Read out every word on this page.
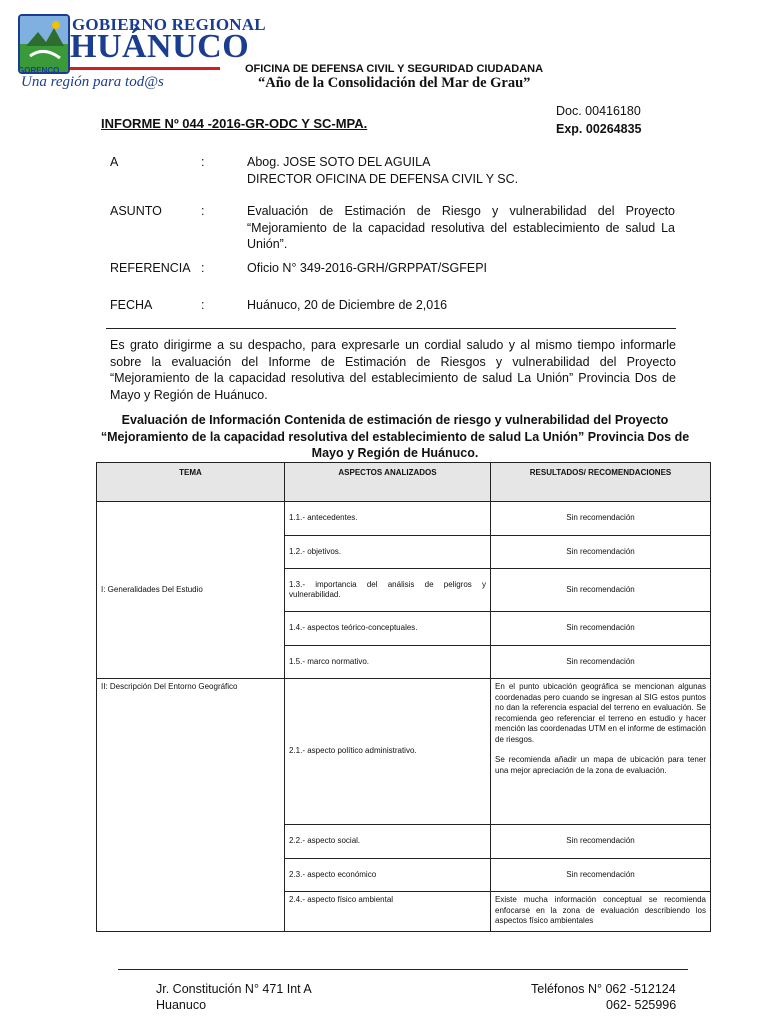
GOBIERNO REGIONAL
HUÁNUCO
GORENCO
Una región para tod@s
OFICINA DE DEFENSA CIVIL Y SEGURIDAD CIUDADANA
“Año de la Consolidación del Mar de Grau”
Doc. 00416180
Exp. 00264835
INFORME Nº 044 -2016-GR-ODC Y SC-MPA.
A	:	Abog. JOSE SOTO DEL AGUILA
DIRECTOR OFICINA DE DEFENSA CIVIL Y SC.
ASUNTO	:	Evaluación de Estimación de Riesgo y vulnerabilidad del Proyecto “Mejoramiento de la capacidad resolutiva del establecimiento de salud La Unión”.
REFERENCIA :	Oficio N° 349-2016-GRH/GRPPAT/SGFEPI
FECHA	:	Huánuco, 20 de Diciembre de 2,016
Es grato dirigirme a su despacho, para expresarle un cordial saludo y al mismo tiempo informarle sobre la evaluación del Informe de Estimación de Riesgos y vulnerabilidad del Proyecto “Mejoramiento de la capacidad resolutiva del establecimiento de salud La Unión” Provincia Dos de Mayo y Región de Huánuco.
Evaluación de Información Contenida de estimación de riesgo y vulnerabilidad del Proyecto “Mejoramiento de la capacidad resolutiva del establecimiento de salud La Unión” Provincia Dos de Mayo y Región de Huánuco.
TEMA	ASPECTOS ANALIZADOS	RESULTADOS/ RECOMENDACIONES
I: Generalidades Del Estudio	1.1.- antecedentes.	Sin recomendación
	1.2.- objetivos.	Sin recomendación
	1.3.- importancia del análisis de peligros y vulnerabilidad.	Sin recomendación
	1.4.- aspectos teórico-conceptuales.	Sin recomendación
	1.5.- marco normativo.	Sin recomendación
II: Descripción Del Entorno Geográfico	2.1.- aspecto político administrativo.	En el punto ubicación geográfica se mencionan algunas coordenadas pero cuando se ingresan al SIG estos puntos no dan la referencia espacial del terreno en evaluación. Se recomienda geo referenciar el terreno en estudio y hacer mención las coordenadas UTM en el informe de estimación de riesgos.
Se recomienda añadir un mapa de ubicación para tener una mejor apreciación de la zona de evaluación.

	2.2.- aspecto social.	Sin recomendación
	2.3.- aspecto económico	Sin recomendación
	2.4.- aspecto físico ambiental	Existe mucha información conceptual se recomienda enfocarse en la zona de evaluación describiendo los aspectos físico ambientales
Jr. Constitución N° 471 Int A
Huanuco
Teléfonos N° 062 -512124
062- 525996
